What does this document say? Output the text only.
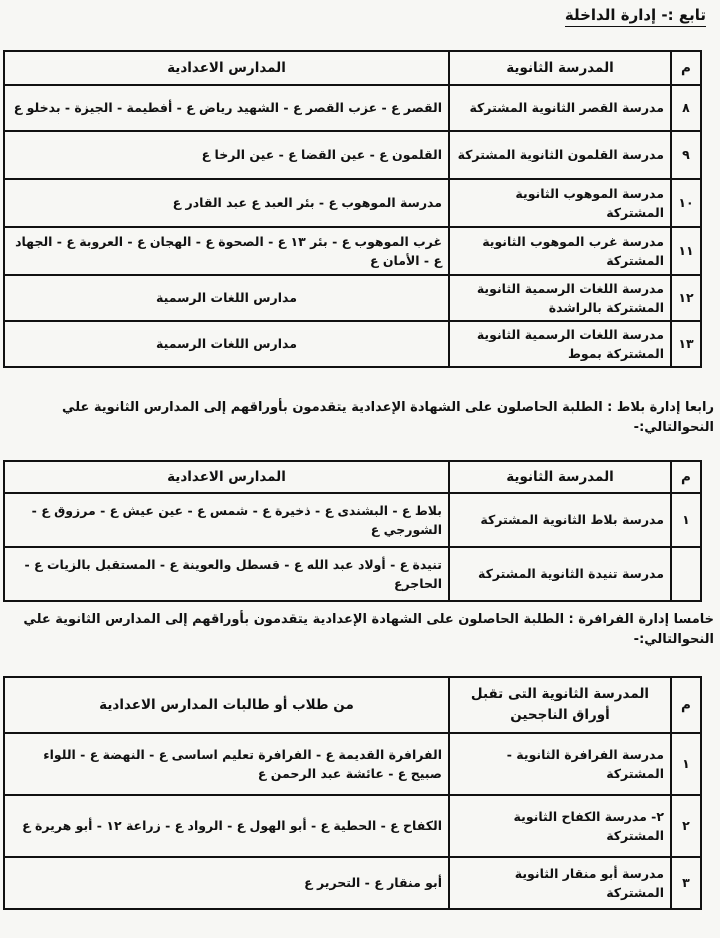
تابع :- إدارة الداخلة
م	المدرسة الثانوية	المدارس الاعدادية
٨	مدرسة القصر الثانوية المشتركة	القصر ع - عزب القصر ع - الشهيد رياض ع - أفطيمة - الجيزة - بدخلو ع
٩	مدرسة القلمون الثانوية المشتركة	القلمون ع - عين القضا ع - عين الرخا ع
١٠	مدرسة الموهوب الثانوية المشتركة	مدرسة الموهوب ع - بئر العبد ع عبد القادر ع
١١	مدرسة غرب الموهوب الثانوية المشتركة	غرب الموهوب ع - بئر ١٣ ع - الصحوة ع - الهجان ع - العروبة ع - الجهاد ع - الأمان ع
١٢	مدرسة اللغات الرسمية الثانوية المشتركة بالراشدة	مدارس اللغات الرسمية
١٣	مدرسة اللغات الرسمية الثانوية المشتركة بموط	مدارس اللغات الرسمية
رابعا إدارة بلاط : الطلبة الحاصلون على الشهادة الإعدادية يتقدمون بأوراقهم إلى المدارس الثانوية علي النحوالتالي:-
م	المدرسة الثانوية	المدارس الاعدادية
١	مدرسة بلاط الثانوية المشتركة	بلاط ع - البشندى ع - ذخيرة ع - شمس ع - عين عيش ع - مرزوق ع - الشورجي ع
	مدرسة تنيدة الثانوية المشتركة	تنيدة ع - أولاد عبد الله ع - قسطل والعوينة ع - المستقبل بالزيات ع - الحاجرع
خامسا إدارة الفرافرة : الطلبة الحاصلون على الشهادة الإعدادية يتقدمون بأوراقهم إلى المدارس الثانوية علي النحوالتالي:-
م	المدرسة الثانوية التى تقبل أوراق الناجحين	من طلاب أو طالبات المدارس الاعدادية
١	مدرسة الفرافرة الثانوية - المشتركة	الفرافرة القديمة ع - الفرافرة تعليم اساسى ع - النهضة ع - اللواء صبيح ع - عائشة عبد الرحمن ع
٢	٢- مدرسة الكفاح الثانوية المشتركة	الكفاح ع - الحطية ع - أبو الهول ع - الرواد ع - زراعة ١٢ - أبو هريرة ع
٣	مدرسة أبو منقار الثانوية المشتركة	أبو منقار ع - التحرير ع
